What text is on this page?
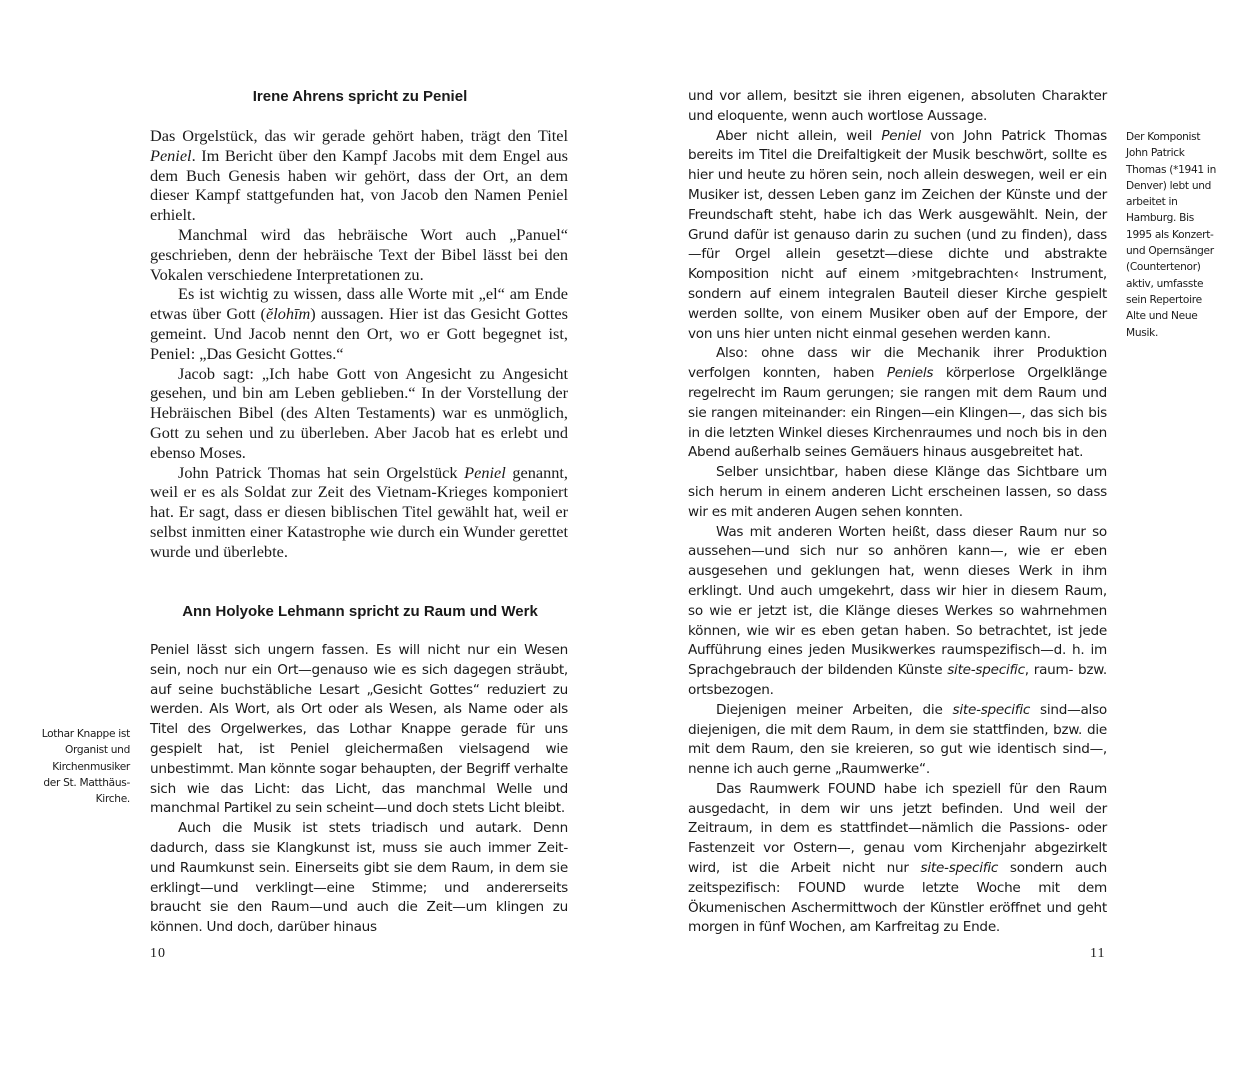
Irene Ahrens spricht zu Peniel

Das Orgelstück, das wir gerade gehört haben, trägt den Titel Peniel. Im Bericht über den Kampf Jacobs mit dem Engel aus dem Buch Genesis haben wir gehört, dass der Ort, an dem dieser Kampf stattgefunden hat, von Jacob den Namen Peniel erhielt.

Manchmal wird das hebräische Wort auch „Panuel“ geschrieben, denn der hebräische Text der Bibel lässt bei den Vokalen verschiedene Interpretationen zu.

Es ist wichtig zu wissen, dass alle Worte mit „el“ am Ende etwas über Gott (ĕlohīm) aussagen. Hier ist das Gesicht Gottes gemeint. Und Jacob nennt den Ort, wo er Gott begegnet ist, Peniel: „Das Gesicht Gottes.“

Jacob sagt: „Ich habe Gott von Angesicht zu Angesicht gesehen, und bin am Leben geblieben.“ In der Vorstellung der Hebräischen Bibel (des Alten Testaments) war es unmöglich, Gott zu sehen und zu überleben. Aber Jacob hat es erlebt und ebenso Moses.

John Patrick Thomas hat sein Orgelstück Peniel genannt, weil er es als Soldat zur Zeit des Vietnam-Krieges komponiert hat. Er sagt, dass er diesen biblischen Titel gewählt hat, weil er selbst inmitten einer Katastrophe wie durch ein Wunder gerettet wurde und überlebte.

Ann Holyoke Lehmann spricht zu Raum und Werk

Peniel lässt sich ungern fassen. Es will nicht nur ein Wesen sein, noch nur ein Ort—genauso wie es sich dagegen sträubt, auf seine buchstäbliche Lesart „Gesicht Gottes“ reduziert zu werden. Als Wort, als Ort oder als Wesen, als Name oder als Titel des Orgelwerkes, das Lothar Knappe gerade für uns gespielt hat, ist Peniel gleichermaßen vielsagend wie unbestimmt. Man könnte sogar behaupten, der Begriff verhalte sich wie das Licht: das Licht, das manchmal Welle und manchmal Partikel zu sein scheint—und doch stets Licht bleibt.

Auch die Musik ist stets triadisch und autark. Denn dadurch, dass sie Klangkunst ist, muss sie auch immer Zeit- und Raumkunst sein. Einerseits gibt sie dem Raum, in dem sie erklingt—und verklingt—eine Stimme; und andererseits braucht sie den Raum—und auch die Zeit—um klingen zu können. Und doch, darüber hinaus

Lothar Knappe ist Organist und Kirchenmusiker der St. Matthäus-Kirche.

10

und vor allem, besitzt sie ihren eigenen, absoluten Charakter und eloquente, wenn auch wortlose Aussage.

Aber nicht allein, weil Peniel von John Patrick Thomas bereits im Titel die Dreifaltigkeit der Musik beschwört, sollte es hier und heute zu hören sein, noch allein deswegen, weil er ein Musiker ist, dessen Leben ganz im Zeichen der Künste und der Freundschaft steht, habe ich das Werk ausgewählt. Nein, der Grund dafür ist genauso darin zu suchen (und zu finden), dass—für Orgel allein gesetzt—diese dichte und abstrakte Komposition nicht auf einem ›mitgebrachten‹ Instrument, sondern auf einem integralen Bauteil dieser Kirche gespielt werden sollte, von einem Musiker oben auf der Empore, der von uns hier unten nicht einmal gesehen werden kann.

Also: ohne dass wir die Mechanik ihrer Produktion verfolgen konnten, haben Peniels körperlose Orgelklänge regelrecht im Raum gerungen; sie rangen mit dem Raum und sie rangen miteinander: ein Ringen—ein Klingen—, das sich bis in die letzten Winkel dieses Kirchenraumes und noch bis in den Abend außerhalb seines Gemäuers hinaus ausgebreitet hat.

Selber unsichtbar, haben diese Klänge das Sichtbare um sich herum in einem anderen Licht erscheinen lassen, so dass wir es mit anderen Augen sehen konnten.

Was mit anderen Worten heißt, dass dieser Raum nur so aussehen—und sich nur so anhören kann—, wie er eben ausgesehen und geklungen hat, wenn dieses Werk in ihm erklingt. Und auch umgekehrt, dass wir hier in diesem Raum, so wie er jetzt ist, die Klänge dieses Werkes so wahrnehmen können, wie wir es eben getan haben. So betrachtet, ist jede Aufführung eines jeden Musikwerkes raumspezifisch—d. h. im Sprachgebrauch der bildenden Künste site-specific, raum- bzw. ortsbezogen.

Diejenigen meiner Arbeiten, die site-specific sind—also diejenigen, die mit dem Raum, in dem sie stattfinden, bzw. die mit dem Raum, den sie kreieren, so gut wie identisch sind—, nenne ich auch gerne „Raumwerke“.

Das Raumwerk FOUND habe ich speziell für den Raum ausgedacht, in dem wir uns jetzt befinden. Und weil der Zeitraum, in dem es stattfindet—nämlich die Passions- oder Fastenzeit vor Ostern—, genau vom Kirchenjahr abgezirkelt wird, ist die Arbeit nicht nur site-specific sondern auch zeitspezifisch: FOUND wurde letzte Woche mit dem Ökumenischen Aschermittwoch der Künstler eröffnet und geht morgen in fünf Wochen, am Karfreitag zu Ende.

Der Komponist John Patrick Thomas (*1941 in Denver) lebt und arbeitet in Hamburg. Bis 1995 als Konzert- und Opernsänger (Countertenor) aktiv, umfasste sein Repertoire Alte und Neue Musik.

11
